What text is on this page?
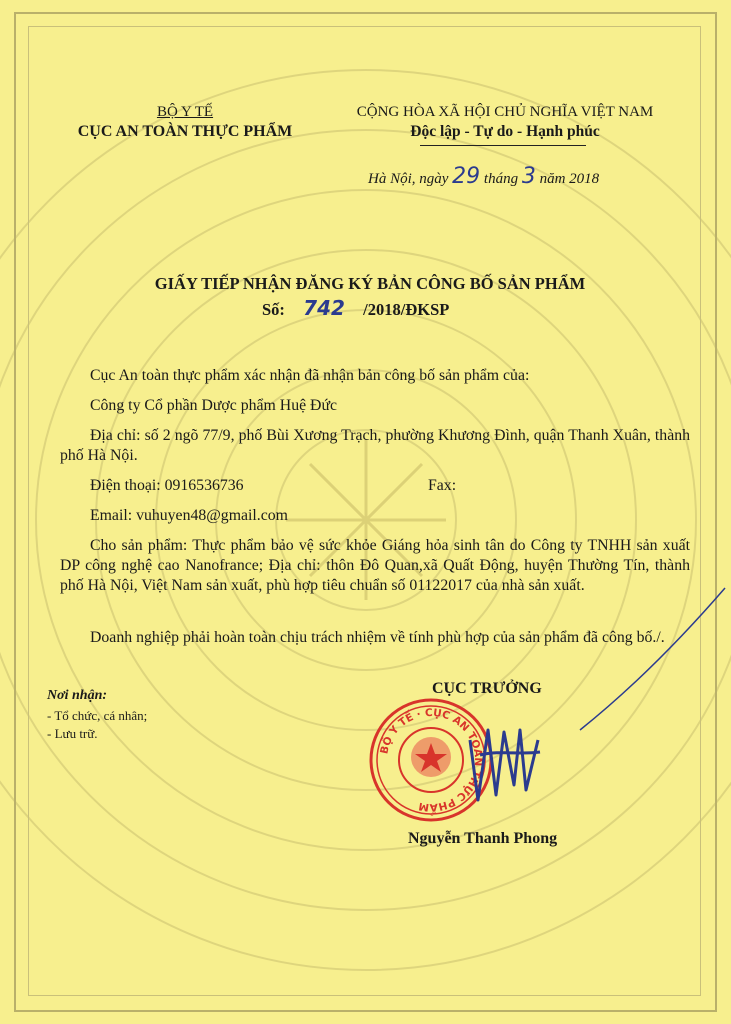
BỘ Y TẾ
CỤC AN TOÀN THỰC PHẨM
CỘNG HÒA XÃ HỘI CHỦ NGHĨA VIỆT NAM
Độc lập - Tự do - Hạnh phúc
Hà Nội, ngày 29 tháng 3 năm 2018
GIẤY TIẾP NHẬN ĐĂNG KÝ BẢN CÔNG BỐ SẢN PHẨM
Số: 742 /2018/ĐKSP
Cục An toàn thực phẩm xác nhận đã nhận bản công bố sản phẩm của:
Công ty Cổ phần Dược phẩm Huệ Đức
Địa chỉ: số 2 ngõ 77/9, phố Bùi Xương Trạch, phường Khương Đình, quận Thanh Xuân, thành phố Hà Nội.
Điện thoại: 0916536736	Fax:
Email: vuhuyen48@gmail.com
Cho sản phẩm: Thực phẩm bảo vệ sức khỏe Giáng hỏa sinh tân do Công ty TNHH sản xuất DP công nghệ cao Nanofrance; Địa chỉ: thôn Đô Quan,xã Quất Động, huyện Thường Tín, thành phố Hà Nội, Việt Nam sản xuất, phù hợp tiêu chuẩn số 01122017 của nhà sản xuất.
Doanh nghiệp phải hoàn toàn chịu trách nhiệm về tính phù hợp của sản phẩm đã công bố./.
Nơi nhận:
- Tổ chức, cá nhân;
- Lưu trữ.
CỤC TRƯỞNG
BỘ Y TẾ · CỤC AN TOÀN THỰC PHẨM
Nguyễn Thanh Phong
